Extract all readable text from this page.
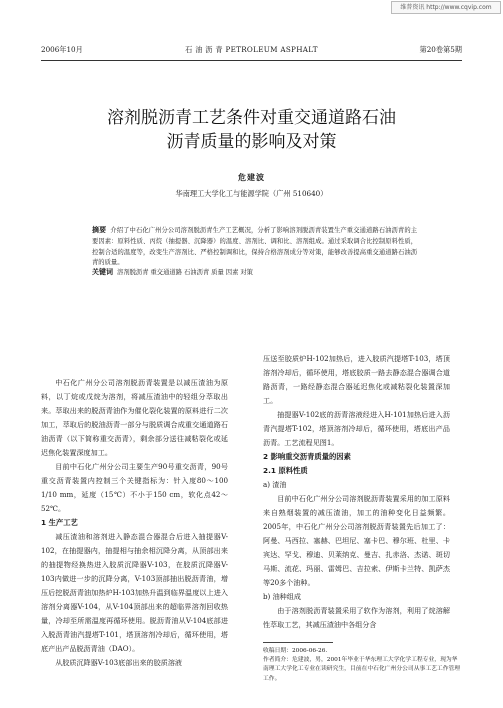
维普资讯 http://www.cqvip.com
2006年10月	石 油 沥 青 PETROLEUM ASPHALT	第20卷第5期
溶剂脱沥青工艺条件对重交通道路石油
沥青质量的影响及对策
危建波
华南理工大学化工与能源学院（广州 510640）
摘要 介绍了中石化广州分公司溶剂脱沥青生产工艺概况，分析了影响溶剂脱沥青装置生产重交通道路石油沥青的主要因素：原料性质、丙烷（抽提器、沉降器）的温度、溶剂比、调和比、溶剂组成。通过采取调合比控制原料性质，控制合适的温度等，改变生产溶剂比、严格控制调和比，保持合格溶剂成分等对策，能够改善提高重交通道路石油沥青的质量。
关键词 溶剂脱沥青 重交通道路 石油沥青 质量 因素 对策

中石化广州分公司溶剂脱沥青装置是以减压渣油为原料，以丁烷或戊烷为溶剂，将减压渣油中的轻组分萃取出来。萃取出来的脱沥青油作为催化裂化装置的原料进行二次加工，萃取后的脱油沥青一部分与脱质调合成重交通道路石油沥青（以下简称重交沥青），剩余部分送往减粘裂化或延迟焦化装置深度加工。

目前中石化广州分公司主要生产90号重交沥青，90号重交沥青装置内控制三个关键指标为：针入度80～100 1/10 mm，延度（15℃）不小于150 cm，软化点42～52℃。

1 生产工艺

减压渣油和溶剂进入静态混合器混合后进入抽提器V-102，在抽提器内，抽提相与抽余相沉降分离，从顶部出来的抽提物经换热进入胶质沉降器V-103，在胶质沉降器V-103内做进一步的沉降分离，V-103顶部抽出脱沥青油，增压后挖脱沥青油加热炉H-103加热升温到临界温度以上进入溶剂分离器V-104，从V-104顶部出来的超临界溶剂回收热量，冷却至所需温度再循环使用。脱沥青油从V-104底部进入脱沥青油汽提塔T-101，塔顶溶剂冷却后，循环使用，塔底产出产品脱沥青油（DAO）。

从胶质沉降器V-103底部出来的胶质溶液

压送至胶质炉H-102加热后，进入胶质汽提塔T-103，塔顶溶剂冷却后，循环使用，塔底胶质一路去静态混合器调合道路沥青，一路经静态混合器延迟焦化或减粘裂化装置深加工。

抽提器V-102底的沥青溶液经进入H-101加热后进入沥青汽提塔T-102，塔顶溶剂冷却后，循环使用，塔底出产品沥青。工艺流程见图1。

2 影响重交沥青质量的因素

2.1 原料性质

a) 渣油

目前中石化广州分公司溶剂脱沥青装置采用的加工原料来自熟烟装置的减压渣油，加工的油种变化日益频繁。2005年，中石化广州分公司溶剂脱沥青装置先后加工了：阿曼、马西拉、塞赫、巴坦尼、塞卡巴、穆尔班、杜里、卡宾达、罕戈、穆迪、贝莱纳克、曼吉、扎赤洛、杰诺、斑切马斯、流花、玛丽、雷姆巴、吉拉索、伊斯卡兰特、凯萨杰等20多个油种。

b) 油种组成

由于溶剂脱沥青装置采用了软作为溶剂，利用了烷溶解性萃取工艺，其减压渣油中各组分含

收稿日期：2006-06-26.

作者简介：危建波，男，2001年毕业于华东理工大学化学工程专业，现为华南理工大学化工专业在读研究生，目前在中石化广州分公司从事工艺工作管理工作。
